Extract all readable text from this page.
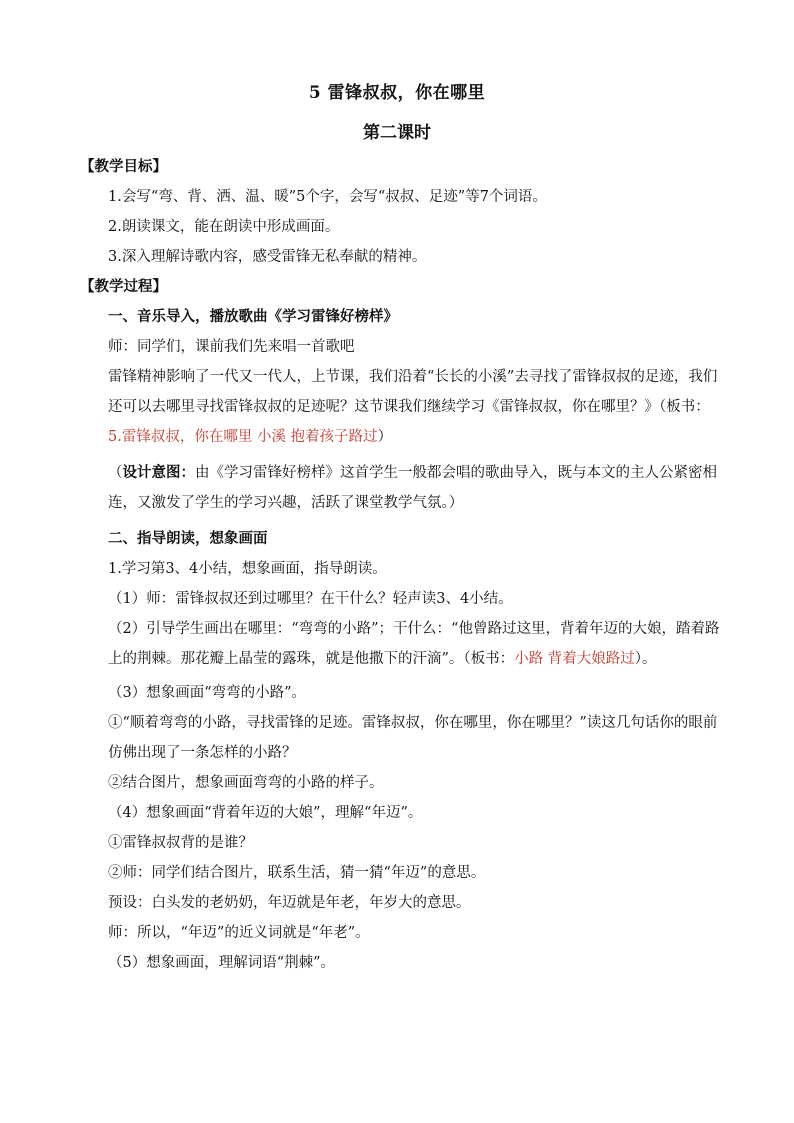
5 雷锋叔叔，你在哪里
第二课时

【教学目标】

1.会写“弯、背、洒、温、暖”5个字，会写“叔叔、足迹”等7个词语。

2.朗读课文，能在朗读中形成画面。

3.深入理解诗歌内容，感受雷锋无私奉献的精神。

【教学过程】

一、音乐导入，播放歌曲《学习雷锋好榜样》

师：同学们，课前我们先来唱一首歌吧

雷锋精神影响了一代又一代人，上节课，我们沿着“长长的小溪”去寻找了雷锋叔叔的足迹，我们还可以去哪里寻找雷锋叔叔的足迹呢？这节课我们继续学习《雷锋叔叔，你在哪里？》（板书：5.雷锋叔叔，你在哪里 小溪 抱着孩子路过）

（设计意图：由《学习雷锋好榜样》这首学生一般都会唱的歌曲导入，既与本文的主人公紧密相连，又激发了学生的学习兴趣，活跃了课堂教学气氛。）

二、指导朗读，想象画面

1.学习第3、4小结，想象画面，指导朗读。

（1）师：雷锋叔叔还到过哪里？在干什么？轻声读3、4小结。

（2）引导学生画出在哪里：“弯弯的小路”；干什么：“他曾路过这里，背着年迈的大娘，踏着路上的荆棘。那花瓣上晶莹的露珠，就是他撒下的汗滴”。（板书：小路 背着大娘路过）。

（3）想象画面“弯弯的小路”。

①“顺着弯弯的小路，寻找雷锋的足迹。雷锋叔叔，你在哪里，你在哪里？”读这几句话你的眼前仿佛出现了一条怎样的小路？

②结合图片，想象画面弯弯的小路的样子。

（4）想象画面“背着年迈的大娘”，理解“年迈”。

①雷锋叔叔背的是谁？

②师：同学们结合图片，联系生活，猜一猜“年迈”的意思。

预设：白头发的老奶奶，年迈就是年老，年岁大的意思。

师：所以，“年迈”的近义词就是“年老”。

（5）想象画面，理解词语“荆棘”。
